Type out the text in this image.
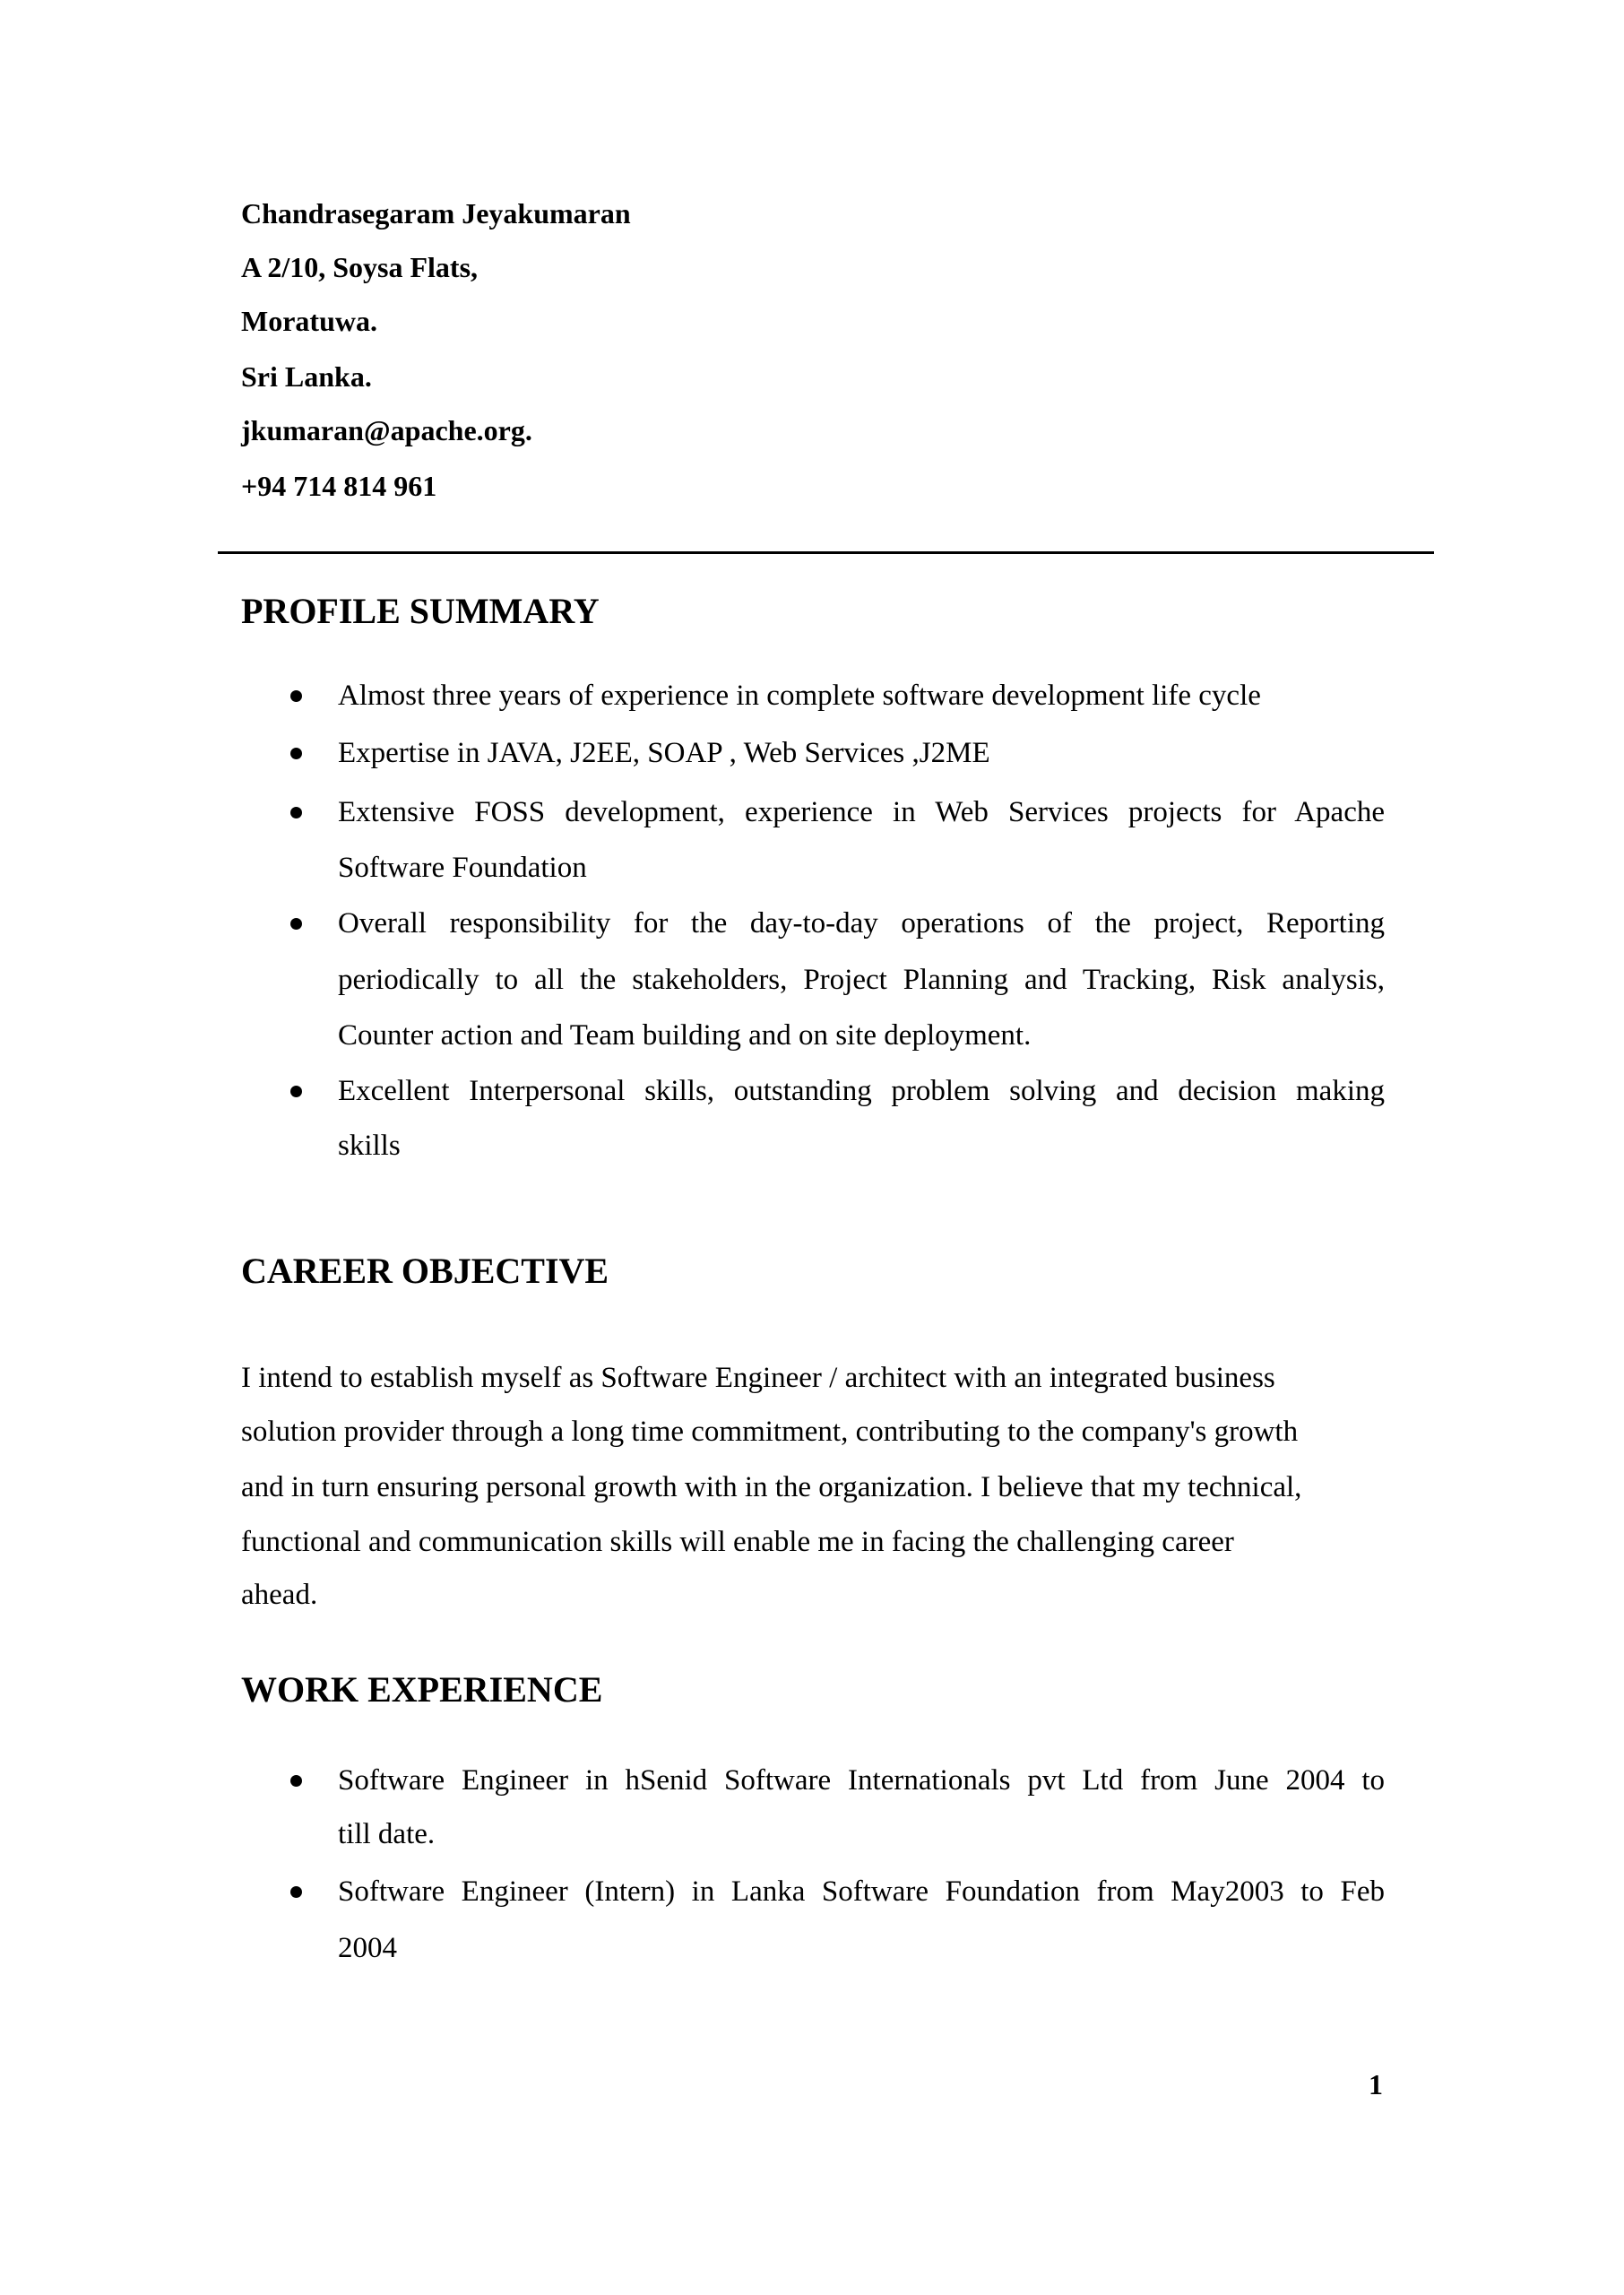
Chandrasegaram Jeyakumaran
A 2/10, Soysa Flats,
Moratuwa.
Sri Lanka.
jkumaran@apache.org.
+94 714 814 961
PROFILE SUMMARY
Almost three years of experience in complete software development life cycle
Expertise in JAVA, J2EE, SOAP , Web Services ,J2ME
Extensive FOSS development, experience in Web Services projects for Apache
Software Foundation
Overall responsibility for the day-to-day operations of the project, Reporting
periodically to all the stakeholders, Project Planning and Tracking, Risk analysis,
Counter action and Team building and on site deployment.
Excellent Interpersonal skills, outstanding problem solving and decision making
skills
CAREER OBJECTIVE
I intend to establish myself as Software Engineer / architect with an integrated business
solution provider through a long time commitment, contributing to the company's growth
and in turn ensuring personal growth with in the organization. I believe that my technical,
functional and communication skills will enable me in facing the challenging career
ahead.
WORK EXPERIENCE
Software Engineer in hSenid Software Internationals pvt Ltd from June 2004 to
till date.
Software Engineer (Intern) in Lanka Software Foundation from May2003 to Feb
2004
1
